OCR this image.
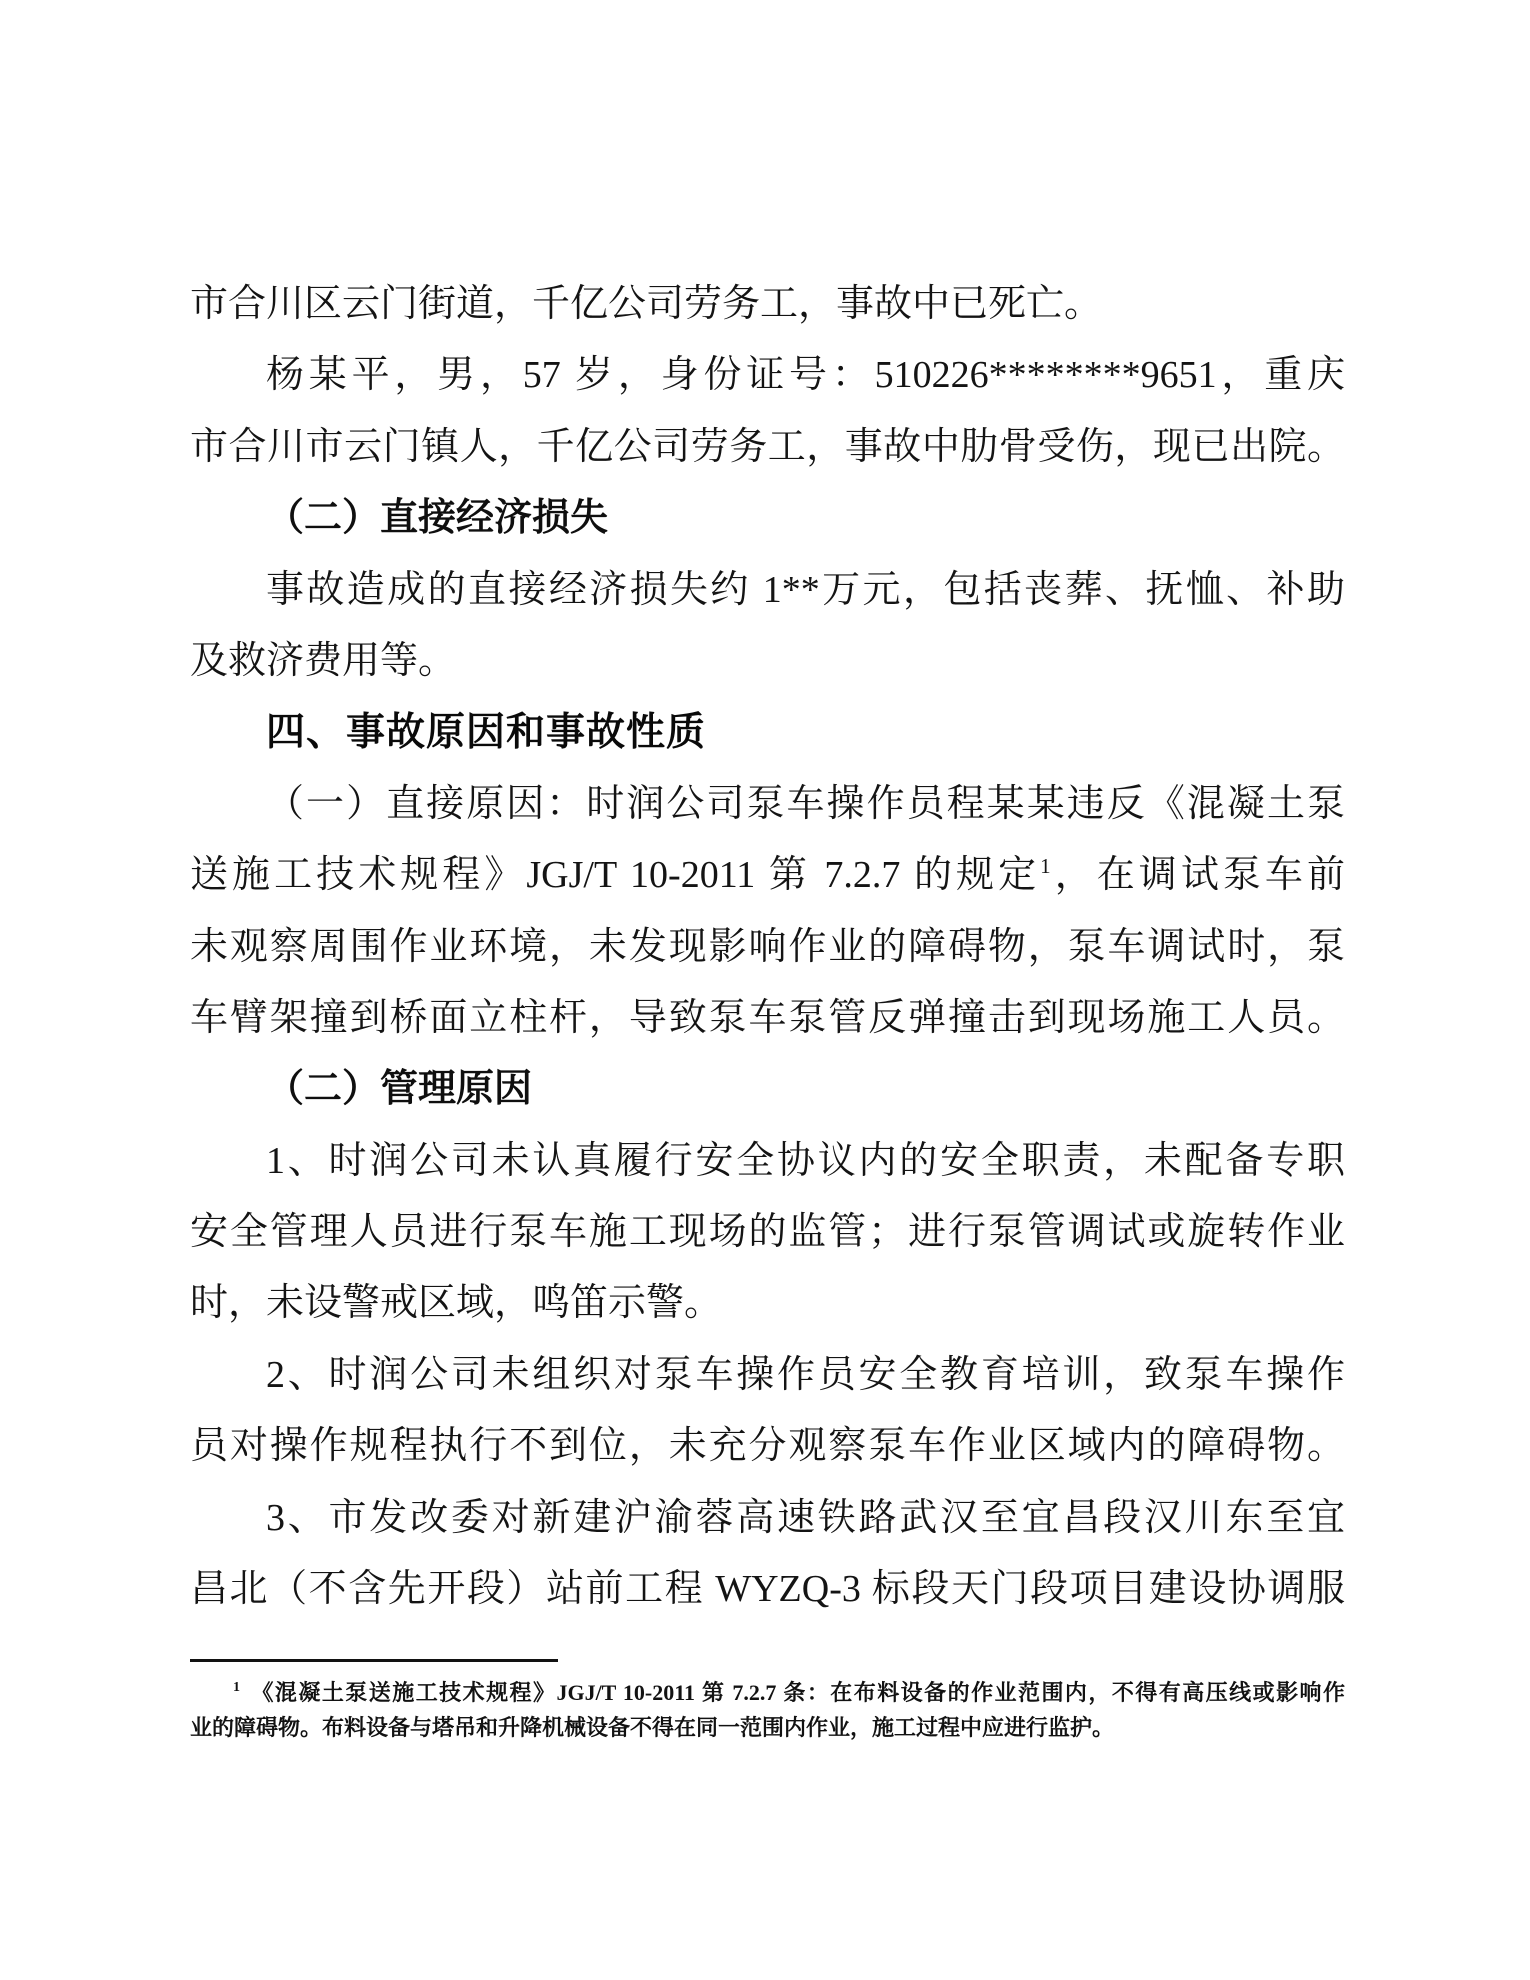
市合川区云门街道，千亿公司劳务工，事故中已死亡。
杨某平，男，57 岁，身份证号：510226********9651，重庆
市合川市云门镇人，千亿公司劳务工，事故中肋骨受伤，现已出院。
（二）直接经济损失
事故造成的直接经济损失约 1**万元，包括丧葬、抚恤、补助
及救济费用等。
四、事故原因和事故性质
（一）直接原因：时润公司泵车操作员程某某违反《混凝土泵
送施工技术规程》JGJ/T 10-2011 第 7.2.7 的规定$^1$，在调试泵车前
未观察周围作业环境，未发现影响作业的障碍物，泵车调试时，泵
车臂架撞到桥面立柱杆，导致泵车泵管反弹撞击到现场施工人员。
（二）管理原因
1、时润公司未认真履行安全协议内的安全职责，未配备专职
安全管理人员进行泵车施工现场的监管；进行泵管调试或旋转作业
时，未设警戒区域，鸣笛示警。
2、时润公司未组织对泵车操作员安全教育培训，致泵车操作
员对操作规程执行不到位，未充分观察泵车作业区域内的障碍物。
3、市发改委对新建沪渝蓉高速铁路武汉至宜昌段汉川东至宜
昌北（不含先开段）站前工程 WYZQ-3 标段天门段项目建设协调服
$^1$ 《混凝土泵送施工技术规程》JGJ/T 10-2011 第 7.2.7 条：在布料设备的作业范围内，不得有高压线或影响作
业的障碍物。布料设备与塔吊和升降机械设备不得在同一范围内作业，施工过程中应进行监护。
